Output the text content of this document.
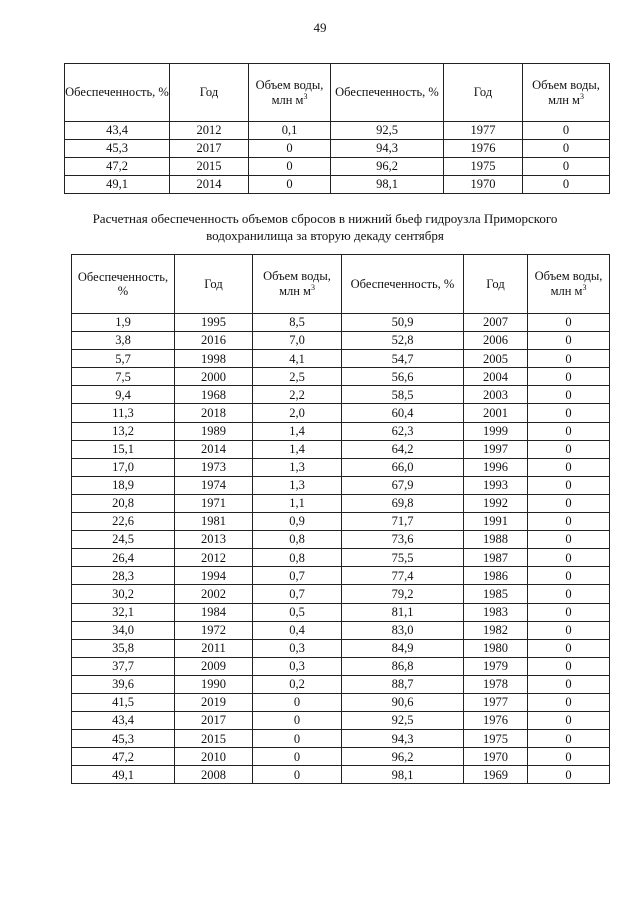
49
Обеспеченность, %	Год	Объем воды, млн $м^3$	Обеспеченность, %	Год	Объем воды, млн $м^3$
43,4	2012	0,1	92,5	1977	0
45,3	2017	0	94,3	1976	0
47,2	2015	0	96,2	1975	0
49,1	2014	0	98,1	1970	0
Расчетная обеспеченность объемов сбросов в нижний бьеф гидроузла Приморского водохранилища за вторую декаду сентября
Обеспеченность, %	Год	Объем воды, млн $м^3$	Обеспеченность, %	Год	Объем воды, млн $м^3$
1,9	1995	8,5	50,9	2007	0
3,8	2016	7,0	52,8	2006	0
5,7	1998	4,1	54,7	2005	0
7,5	2000	2,5	56,6	2004	0
9,4	1968	2,2	58,5	2003	0
11,3	2018	2,0	60,4	2001	0
13,2	1989	1,4	62,3	1999	0
15,1	2014	1,4	64,2	1997	0
17,0	1973	1,3	66,0	1996	0
18,9	1974	1,3	67,9	1993	0
20,8	1971	1,1	69,8	1992	0
22,6	1981	0,9	71,7	1991	0
24,5	2013	0,8	73,6	1988	0
26,4	2012	0,8	75,5	1987	0
28,3	1994	0,7	77,4	1986	0
30,2	2002	0,7	79,2	1985	0
32,1	1984	0,5	81,1	1983	0
34,0	1972	0,4	83,0	1982	0
35,8	2011	0,3	84,9	1980	0
37,7	2009	0,3	86,8	1979	0
39,6	1990	0,2	88,7	1978	0
41,5	2019	0	90,6	1977	0
43,4	2017	0	92,5	1976	0
45,3	2015	0	94,3	1975	0
47,2	2010	0	96,2	1970	0
49,1	2008	0	98,1	1969	0
